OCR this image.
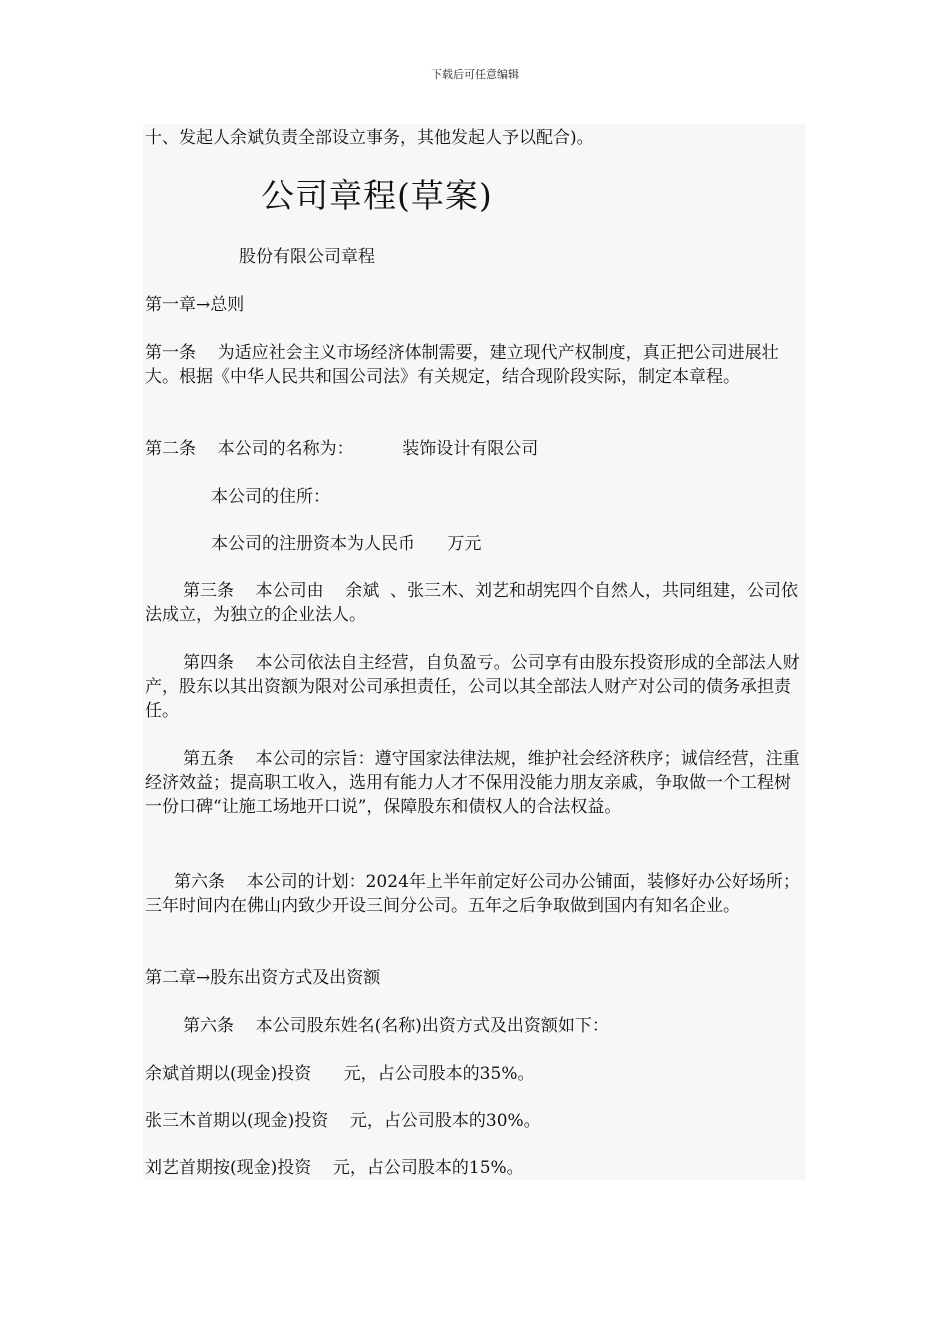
下载后可任意编辑

十、发起人余斌负责全部设立事务，其他发起人予以配合)。

公司章程(草案)
股份有限公司章程

第一章→总则

第一条    为适应社会主义市场经济体制需要，建立现代产权制度，真正把公司进展壮大。根据《中华人民共和国公司法》有关规定，结合现阶段实际，制定本章程。

第二条    本公司的名称为：         装饰设计有限公司

本公司的住所：

本公司的注册资本为人民币      万元

第三条    本公司由    余斌  、张三木、刘艺和胡宪四个自然人，共同组建，公司依法成立，为独立的企业法人。

第四条    本公司依法自主经营，自负盈亏。公司享有由股东投资形成的全部法人财产，股东以其出资额为限对公司承担责任，公司以其全部法人财产对公司的债务承担责任。

第五条    本公司的宗旨：遵守国家法律法规，维护社会经济秩序；诚信经营，注重经济效益；提高职工收入，选用有能力人才不保用没能力朋友亲戚，争取做一个工程树一份口碑“让施工场地开口说”，保障股东和债权人的合法权益。

第六条    本公司的计划：2024年上半年前定好公司办公铺面，装修好办公好场所；三年时间内在佛山内致少开设三间分公司。五年之后争取做到国内有知名企业。

第二章→股东出资方式及出资额

第六条    本公司股东姓名(名称)出资方式及出资额如下：

余斌首期以(现金)投资      元，占公司股本的35%。

张三木首期以(现金)投资    元，占公司股本的30%。

刘艺首期按(现金)投资    元，占公司股本的15%。
